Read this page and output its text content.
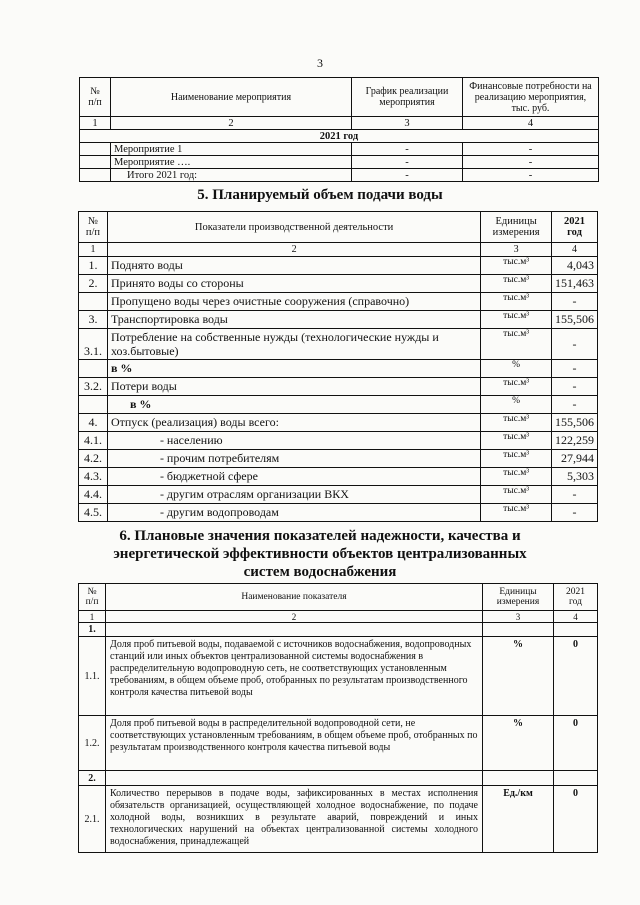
3
№
п/п	Наименование мероприятия	График реализации мероприятия	Финансовые потребности на реализацию мероприятия, тыс. руб.
1	2	3	4
2021 год			
	Мероприятие 1	-	-
	Мероприятие ….	-	-
	Итого 2021 год:	-	-
5. Планируемый объем подачи воды
№
п/п	Показатели производственной деятельности	Единицы измерения	2021
год
1	2	3	4
1.	Поднято воды	тыс.м³	4,043
2.	Принято воды со стороны	тыс.м³	151,463
	Пропущено воды через очистные сооружения (справочно)	тыс.м³	-
3.	Транспортировка воды	тыс.м³	155,506
3.1.	Потребление на собственные нужды (технологические нужды и хоз.бытовые)	тыс.м³	-
	в %	%	-
3.2.	Потери воды	тыс.м³	-
	в %	%	-
4.	Отпуск (реализация) воды всего:	тыс.м³	155,506
4.1.	- населению	тыс.м³	122,259
4.2.	- прочим потребителям	тыс.м³	27,944
4.3.	- бюджетной сфере	тыс.м³	5,303
4.4.	- другим отраслям организации ВКХ	тыс.м³	-
4.5.	- другим водопроводам	тыс.м³	-
6. Плановые значения показателей надежности, качества и энергетической эффективности объектов централизованных систем водоснабжения
№
п/п	Наименование показателя	Единицы измерения	2021
год
1	2	3	4
1.			
1.1.	Доля проб питьевой воды, подаваемой с источников водоснабжения, водопроводных станций или иных объектов централизованной системы водоснабжения в распределительную водопроводную сеть, не соответствующих установленным требованиям, в общем объеме проб, отобранных по результатам производственного контроля качества питьевой воды	%	0
1.2.	Доля проб питьевой воды в распределительной водопроводной сети, не соответствующих установленным требованиям, в общем объеме проб, отобранных по результатам производственного контроля качества питьевой воды	%	0
2.			
2.1.	Количество перерывов в подаче воды, зафиксированных в местах исполнения обязательств организацией, осуществляющей холодное водоснабжение, по подаче холодной воды, возникших в результате аварий, повреждений и иных технологических нарушений на объектах централизованной системы холодного водоснабжения, принадлежащей	Ед./км	0
